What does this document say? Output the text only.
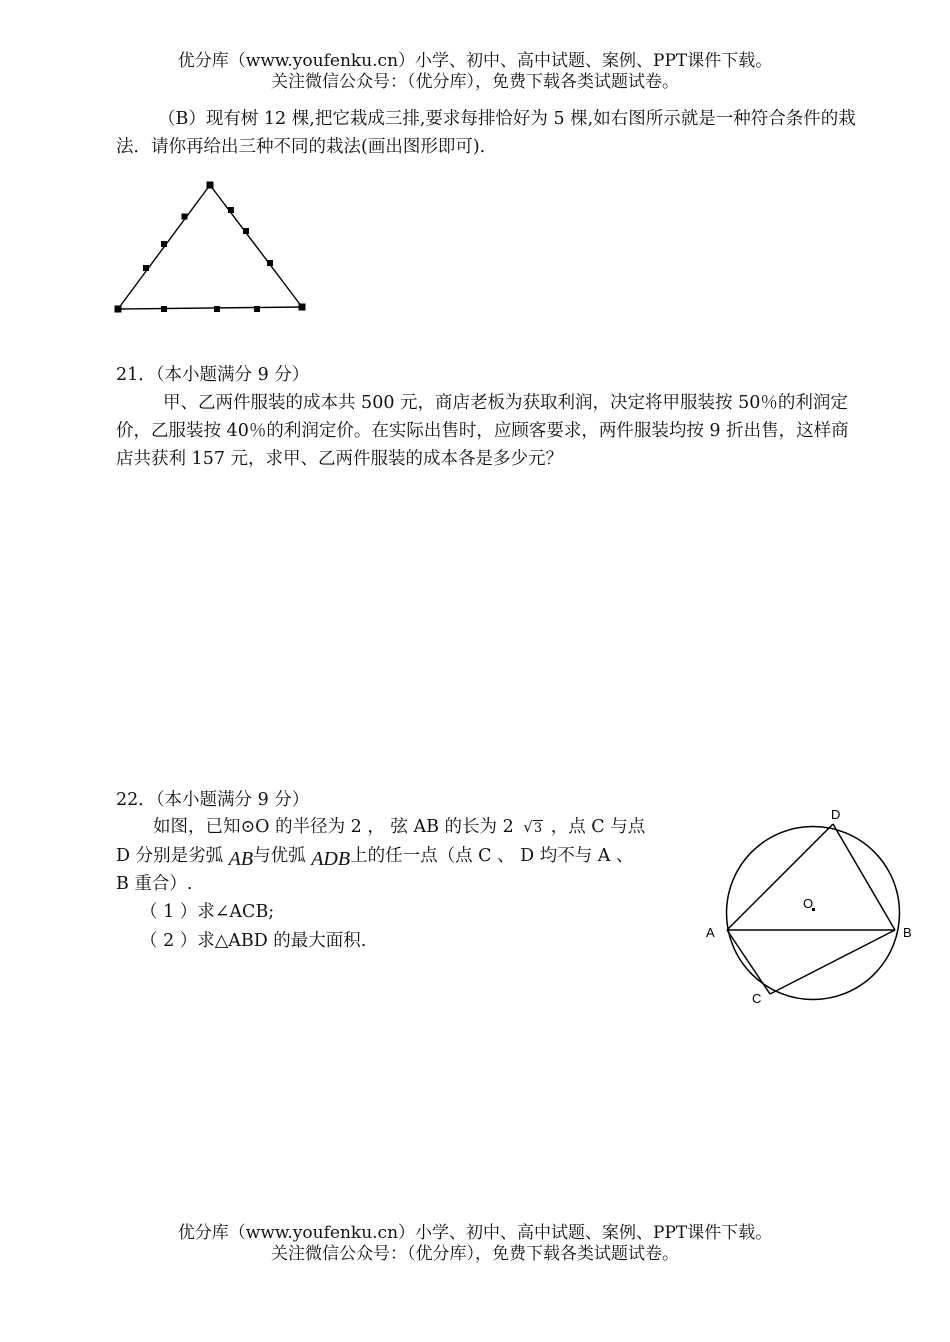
优分库（www.youfenku.cn）小学、初中、高中试题、案例、PPT课件下载。
关注微信公众号：（优分库），免费下载各类试题试卷。
（B）现有树 12 棵,把它栽成三排,要求每排恰好为 5 棵,如右图所示就是一种符合条件的栽
法．请你再给出三种不同的栽法(画出图形即可).
21．（本小题满分 9 分）
甲、乙两件服装的成本共 500 元，商店老板为获取利润，决定将甲服装按 50％的利润定
价，乙服装按 40％的利润定价。在实际出售时，应顾客要求，两件服装均按 9 折出售，这样商
店共获利 157 元，求甲、乙两件服装的成本各是多少元？
22．（本小题满分 9 分）
如图，已知⊙O 的半径为 2 ， 弦 AB 的长为 2 √3 ，点 C 与点
D 分别是劣弧 AB与优弧 ADB上的任一点（点 C 、 D 均不与 A 、
B 重合）.
（ 1 ）求∠ACB;
（ 2 ）求△ABD 的最大面积.
D
O
A	B
C
优分库（www.youfenku.cn）小学、初中、高中试题、案例、PPT课件下载。
关注微信公众号：（优分库），免费下载各类试题试卷。
